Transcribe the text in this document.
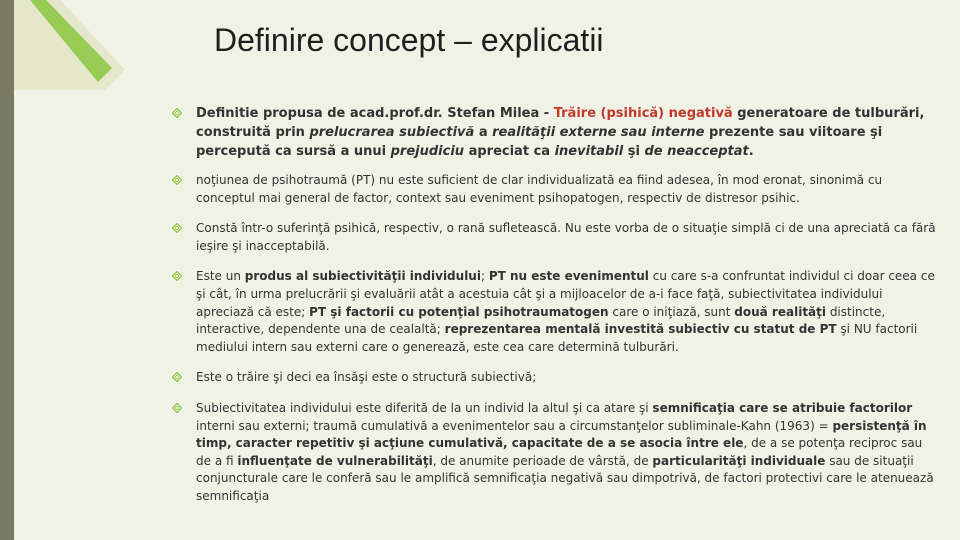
Definire concept – explicatii
Definitie propusa de acad.prof.dr. Stefan Milea - Trăire (psihică) negativă generatoare de tulburări, construită prin prelucrarea subiectivă a realităţii externe sau interne prezente sau viitoare şi percepută ca sursă a unui prejudiciu apreciat ca inevitabil şi de neacceptat.
noţiunea de psihotraumă (PT) nu este suficient de clar individualizată ea fiind adesea, în mod eronat, sinonimă cu conceptul mai general de factor, context sau eveniment psihopatogen, respectiv de distresor psihic.
Constă într-o suferinţă psihică, respectiv, o rană sufletească. Nu este vorba de o situaţie simplă ci de una apreciată ca fără ieşire şi inacceptabilă.
Este un produs al subiectivităţii individului; PT nu este evenimentul cu care s-a confruntat individul ci doar ceea ce şi cât, în urma prelucrării şi evaluării atât a acestuia cât şi a mijloacelor de a-i face faţă, subiectivitatea individului apreciază că este; PT şi factorii cu potenţial psihotraumatogen care o iniţiază, sunt două realităţi distincte, interactive, dependente una de cealaltă; reprezentarea mentală investită subiectiv cu statut de PT şi NU factorii mediului intern sau externi care o generează, este cea care determină tulburări.
Este o trăire şi deci ea însăşi este o structură subiectivă;
Subiectivitatea individului este diferită de la un individ la altul şi ca atare şi semnificaţia care se atribuie factorilor interni sau externi; traumă cumulativă a evenimentelor sau a circumstanţelor subliminale-Kahn (1963) = persistenţă în timp, caracter repetitiv şi acţiune cumulativă, capacitate de a se asocia între ele, de a se potenţa reciproc sau de a fi influenţate de vulnerabilităţi, de anumite perioade de vârstă, de particularităţi individuale sau de situaţii conjuncturale care le conferă sau le amplifică semnificaţia negativă sau dimpotrivă, de factori protectivi care le atenuează semnificaţia
